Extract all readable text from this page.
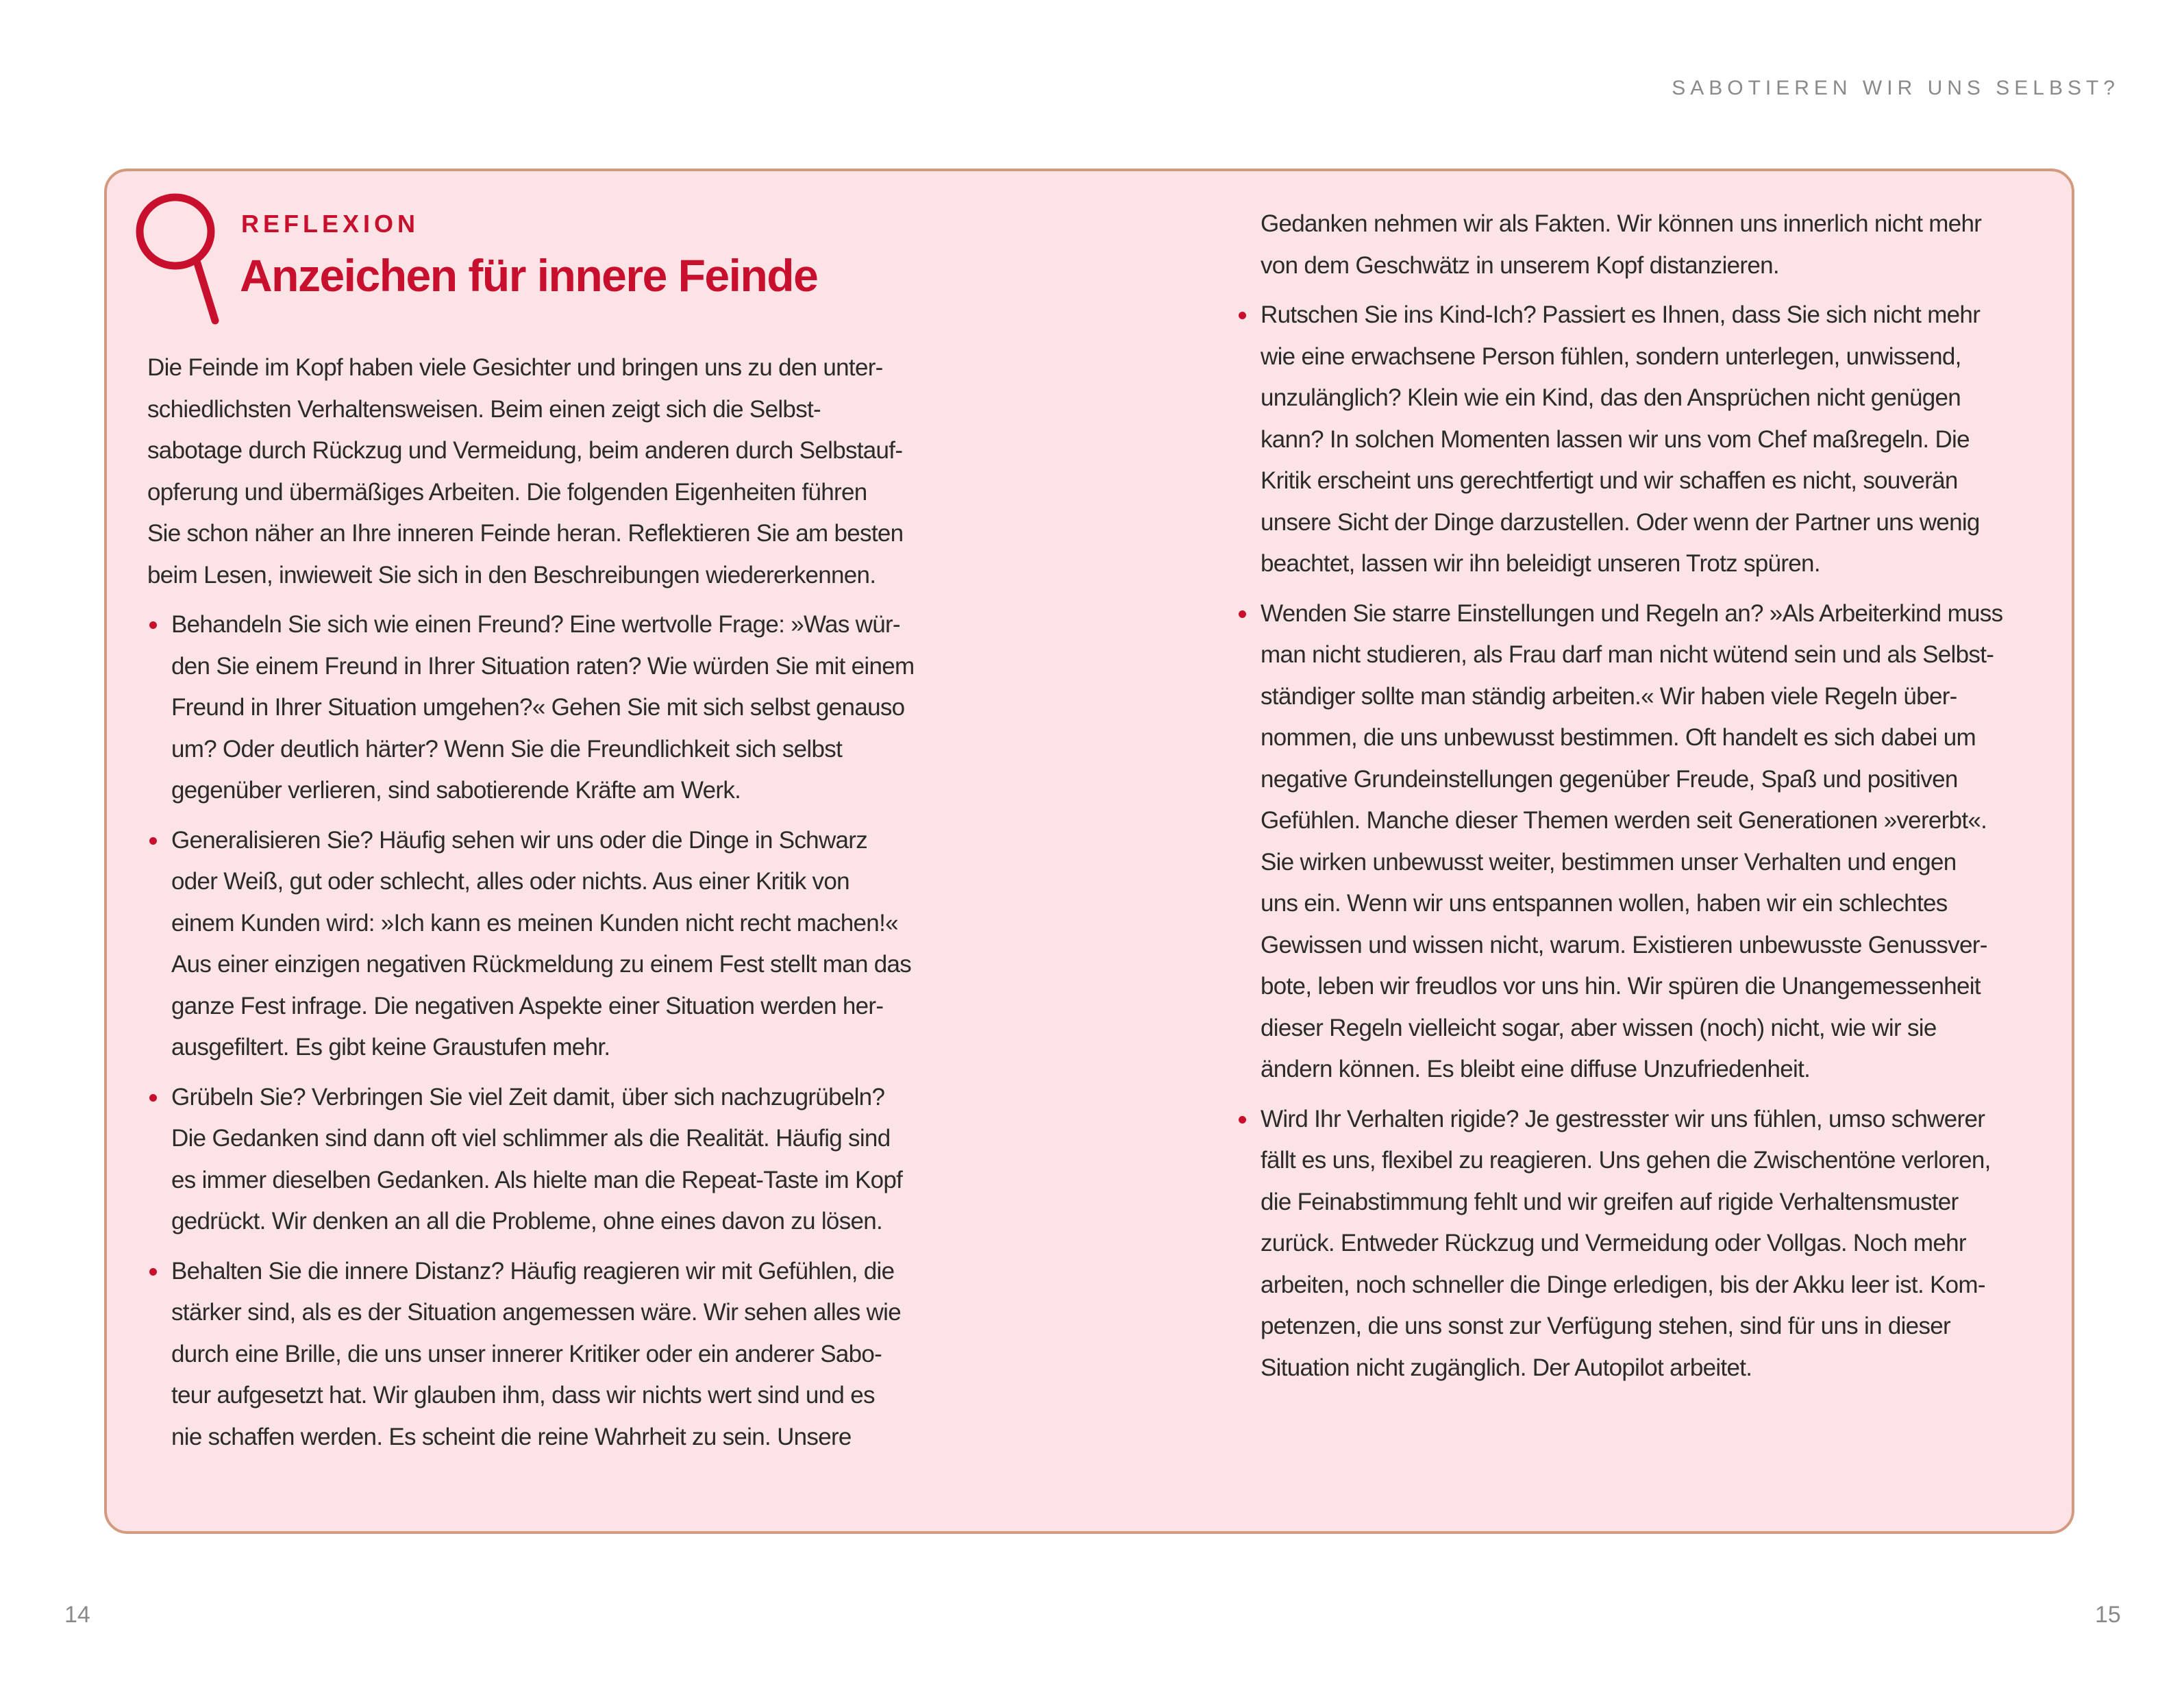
SABOTIEREN WIR UNS SELBST?
REFLEXION
Anzeichen für innere Feinde
Die Feinde im Kopf haben viele Gesichter und bringen uns zu den unter-
schiedlichsten Verhaltensweisen. Beim einen zeigt sich die Selbst-
sabotage durch Rückzug und Vermeidung, beim anderen durch Selbstauf-
opferung und übermäßiges Arbeiten. Die folgenden Eigenheiten führen
Sie schon näher an Ihre inneren Feinde heran. Reflektieren Sie am besten
beim Lesen, inwieweit Sie sich in den Beschreibungen wiedererkennen.
Behandeln Sie sich wie einen Freund? Eine wertvolle Frage: »Was wür-
den Sie einem Freund in Ihrer Situation raten? Wie würden Sie mit einem
Freund in Ihrer Situation umgehen?« Gehen Sie mit sich selbst genauso
um? Oder deutlich härter? Wenn Sie die Freundlichkeit sich selbst
gegenüber verlieren, sind sabotierende Kräfte am Werk.
Generalisieren Sie? Häufig sehen wir uns oder die Dinge in Schwarz
oder Weiß, gut oder schlecht, alles oder nichts. Aus einer Kritik von
einem Kunden wird: »Ich kann es meinen Kunden nicht recht machen!«
Aus einer einzigen negativen Rückmeldung zu einem Fest stellt man das
ganze Fest infrage. Die negativen Aspekte einer Situation werden her-
ausgefiltert. Es gibt keine Graustufen mehr.
Grübeln Sie? Verbringen Sie viel Zeit damit, über sich nachzugrübeln?
Die Gedanken sind dann oft viel schlimmer als die Realität. Häufig sind
es immer dieselben Gedanken. Als hielte man die Repeat-Taste im Kopf
gedrückt. Wir denken an all die Probleme, ohne eines davon zu lösen.
Behalten Sie die innere Distanz? Häufig reagieren wir mit Gefühlen, die
stärker sind, als es der Situation angemessen wäre. Wir sehen alles wie
durch eine Brille, die uns unser innerer Kritiker oder ein anderer Sabo-
teur aufgesetzt hat. Wir glauben ihm, dass wir nichts wert sind und es
nie schaffen werden. Es scheint die reine Wahrheit zu sein. Unsere
Gedanken nehmen wir als Fakten. Wir können uns innerlich nicht mehr
von dem Geschwätz in unserem Kopf distanzieren.
Rutschen Sie ins Kind-Ich? Passiert es Ihnen, dass Sie sich nicht mehr
wie eine erwachsene Person fühlen, sondern unterlegen, unwissend,
unzulänglich? Klein wie ein Kind, das den Ansprüchen nicht genügen
kann? In solchen Momenten lassen wir uns vom Chef maßregeln. Die
Kritik erscheint uns gerechtfertigt und wir schaffen es nicht, souverän
unsere Sicht der Dinge darzustellen. Oder wenn der Partner uns wenig
beachtet, lassen wir ihn beleidigt unseren Trotz spüren.
Wenden Sie starre Einstellungen und Regeln an? »Als Arbeiterkind muss
man nicht studieren, als Frau darf man nicht wütend sein und als Selbst-
ständiger sollte man ständig arbeiten.« Wir haben viele Regeln über-
nommen, die uns unbewusst bestimmen. Oft handelt es sich dabei um
negative Grundeinstellungen gegenüber Freude, Spaß und positiven
Gefühlen. Manche dieser Themen werden seit Generationen »vererbt«.
Sie wirken unbewusst weiter, bestimmen unser Verhalten und engen
uns ein. Wenn wir uns entspannen wollen, haben wir ein schlechtes
Gewissen und wissen nicht, warum. Existieren unbewusste Genussver-
bote, leben wir freudlos vor uns hin. Wir spüren die Unangemessenheit
dieser Regeln vielleicht sogar, aber wissen (noch) nicht, wie wir sie
ändern können. Es bleibt eine diffuse Unzufriedenheit.
Wird Ihr Verhalten rigide? Je gestresster wir uns fühlen, umso schwerer
fällt es uns, flexibel zu reagieren. Uns gehen die Zwischentöne verloren,
die Feinabstimmung fehlt und wir greifen auf rigide Verhaltensmuster
zurück. Entweder Rückzug und Vermeidung oder Vollgas. Noch mehr
arbeiten, noch schneller die Dinge erledigen, bis der Akku leer ist. Kom-
petenzen, die uns sonst zur Verfügung stehen, sind für uns in dieser
Situation nicht zugänglich. Der Autopilot arbeitet.
14	15
